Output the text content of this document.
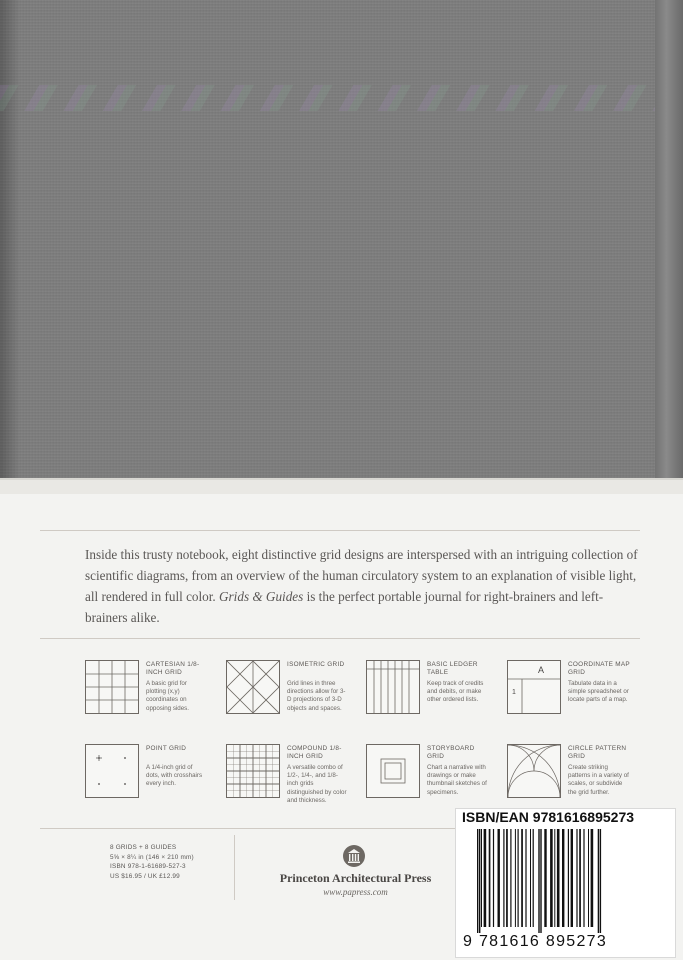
Inside this trusty notebook, eight distinctive grid designs are interspersed with an intriguing collection of scientific diagrams, from an overview of the human circulatory system to an explanation of visible light, all rendered in full color. Grids & Guides is the perfect portable journal for right-brainers and left-brainers alike.
CARTESIAN 1/8-INCH GRID
A basic grid for plotting (x,y) coordinates on opposing sides.
ISOMETRIC GRID
Grid lines in three directions allow for 3-D projections of 3-D objects and spaces.
BASIC LEDGER TABLE
Keep track of credits and debits, or make other ordered lists.
A
1
COORDINATE MAP GRID
Tabulate data in a simple spreadsheet or locate parts of a map.
POINT GRID
A 1/4-inch grid of dots, with crosshairs every inch.
COMPOUND 1/8-INCH GRID
A versatile combo of 1/2-, 1/4-, and 1/8-inch grids distinguished by color and thickness.
STORYBOARD GRID
Chart a narrative with drawings or make thumbnail sketches of specimens.
CIRCLE PATTERN GRID
Create striking patterns in a variety of scales, or subdivide the grid further.
8 GRIDS + 8 GUIDES
5⅝ × 8¼ in (146 × 210 mm)
ISBN 978-1-61689-527-3
US $16.95 / UK £12.99	Princeton Architectural Press
www.papress.com
ISBN/EAN 9781616895273
9 781616 895273
